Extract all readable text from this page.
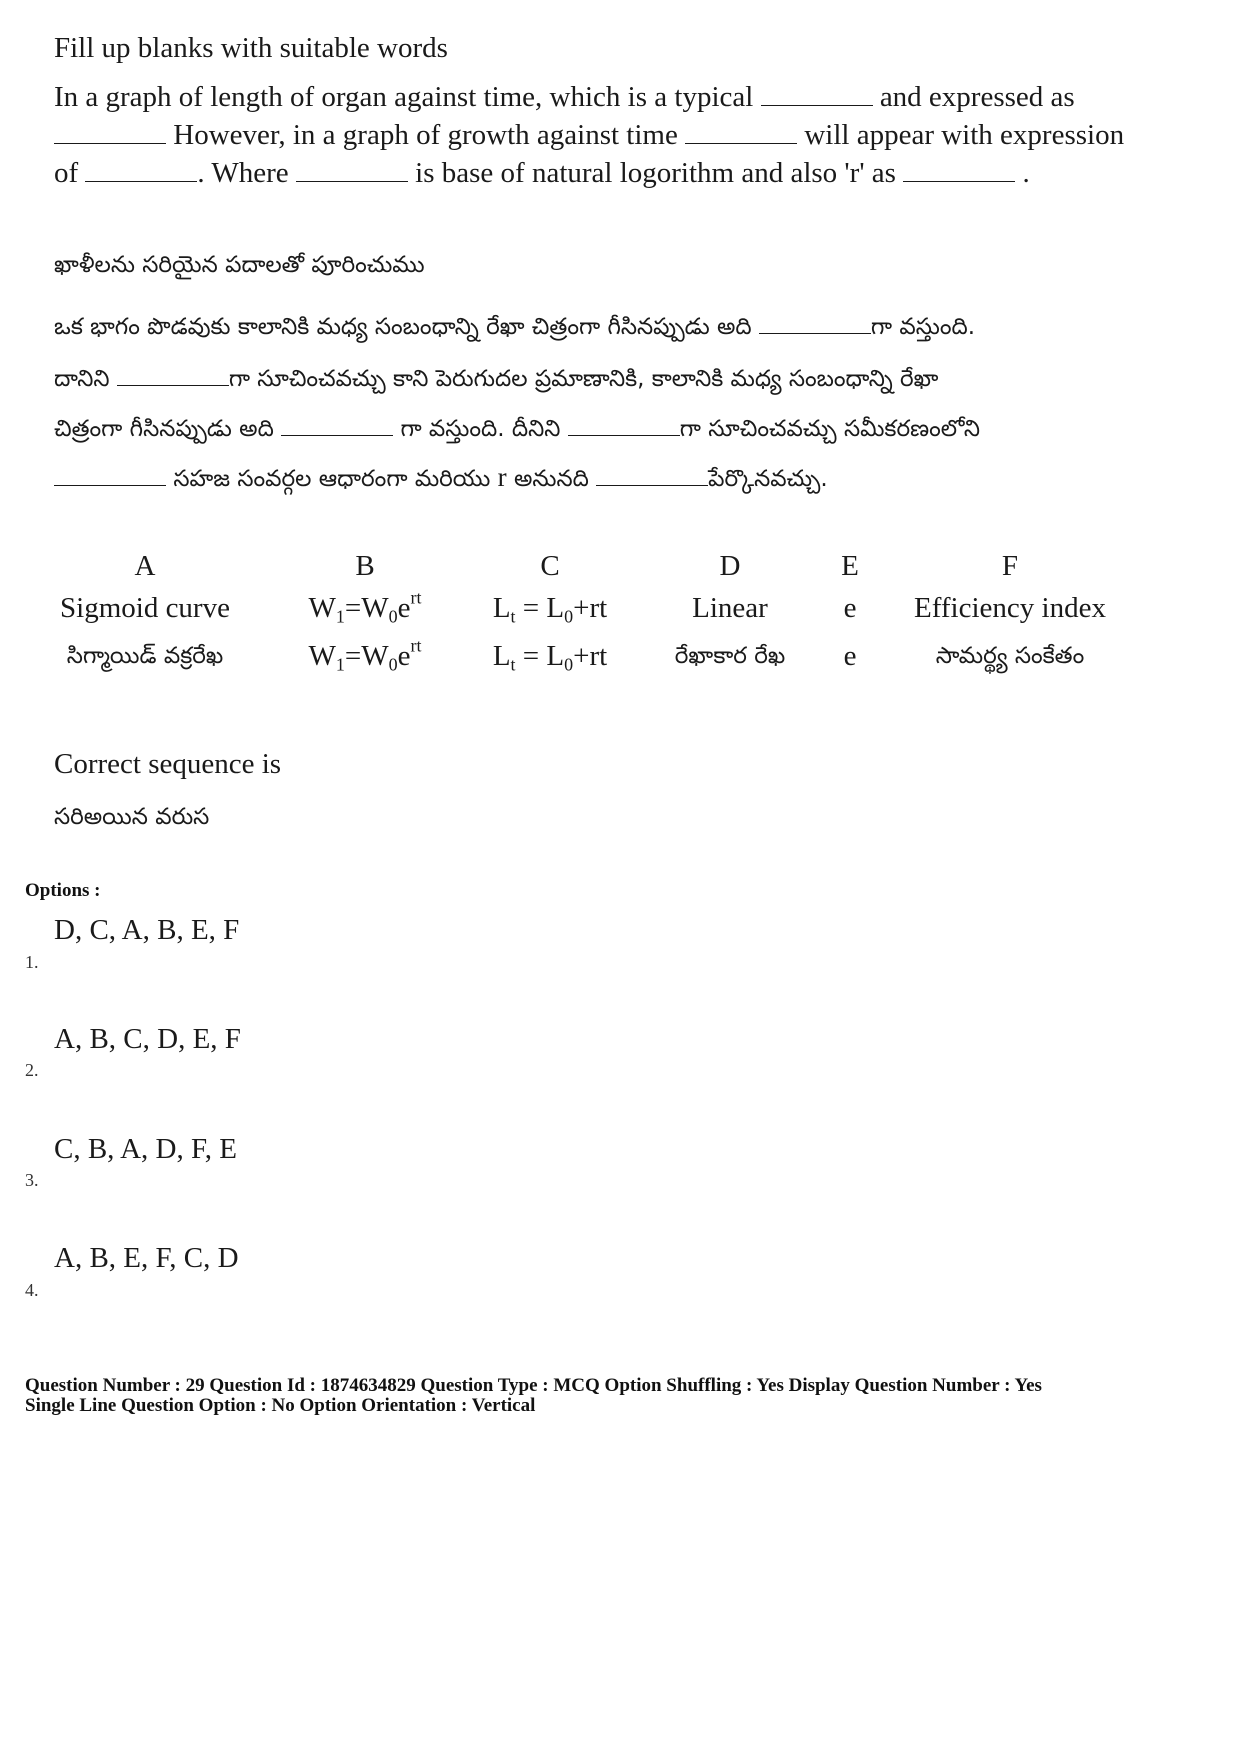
Fill up blanks with suitable words
In a graph of length of organ against time, which is a typical	and expressed as
However, in a graph of growth against time	will appear with expression
of	. Where	is base of natural logorithm and also 'r' as	.
ఖాళీలను సరియైన పదాలతో పూరించుము
ఒక భాగం పొడవుకు కాలానికి మధ్య సంబంధాన్ని రేఖా చిత్రంగా గీసినప్పుడు అది	గా వస్తుంది.
దానిని	గా సూచించవచ్చు కాని పెరుగుదల ప్రమాణానికి, కాలానికి మధ్య సంబంధాన్ని రేఖా
చిత్రంగా గీసినప్పుడు అది	గా వస్తుంది. దీనిని	గా సూచించవచ్చు సమీకరణంలోని
సహజ సంవర్గల ఆధారంగా మరియు r అనునది	పేర్కొనవచ్చు.
A	B	C	D	E	F
Sigmoid curve	$W_1=W_0e^{rt}$	$L_t = L_0+rt$	Linear	e	Efficiency index
సిగ్మాయిడ్ వక్రరేఖ	$W_1=W_0e^{rt}$	$L_t = L_0+rt$	రేఖాకార రేఖ	e	సామర్థ్య సంకేతం
Correct sequence is
సరిఅయిన వరుస
Options :
D, C, A, B, E, F
1.
A, B, C, D, E, F
2.
C, B, A, D, F, E
3.
A, B, E, F, C, D
4.
Question Number : 29 Question Id : 1874634829 Question Type : MCQ Option Shuffling : Yes Display Question Number : Yes
Single Line Question Option : No Option Orientation : Vertical
